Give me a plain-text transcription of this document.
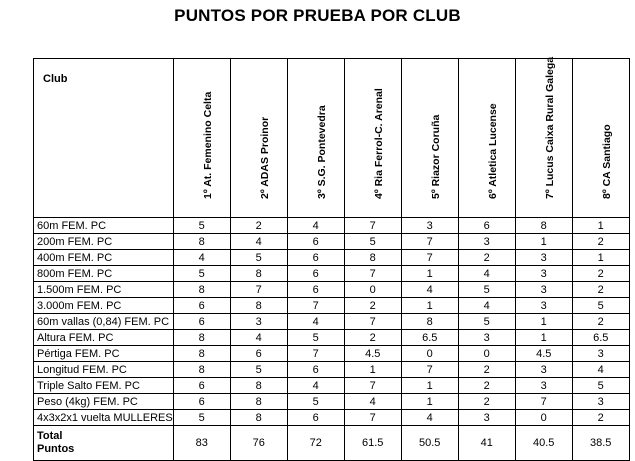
PUNTOS POR PRUEBA POR CLUB
Club	1º At. Femenino Celta	2º ADAS Proinor	3º S.G. Pontevedra	4º Ria Ferrol-C. Arenal	5º Riazor Coruña	6º Atletica Lucense	7º Lucus Caixa Rural Galega	8º CA Santiago

60m FEM. PC	5	2	4	7	3	6	8	1
200m FEM. PC	8	4	6	5	7	3	1	2
400m FEM. PC	4	5	6	8	7	2	3	1
800m FEM. PC	5	8	6	7	1	4	3	2
1.500m FEM. PC	8	7	6	0	4	5	3	2
3.000m FEM. PC	6	8	7	2	1	4	3	5
60m vallas (0,84) FEM. PC	6	3	4	7	8	5	1	2
Altura FEM. PC	8	4	5	2	6.5	3	1	6.5
Pértiga FEM. PC	8	6	7	4.5	0	0	4.5	3
Longitud FEM. PC	8	5	6	1	7	2	3	4
Triple Salto FEM. PC	6	8	4	7	1	2	3	5
Peso (4kg) FEM. PC	6	8	5	4	1	2	7	3
4x3x2x1 vuelta MULLERES	5	8	6	7	4	3	0	2

Total
Puntos	83	76	72	61.5	50.5	41	40.5	38.5
